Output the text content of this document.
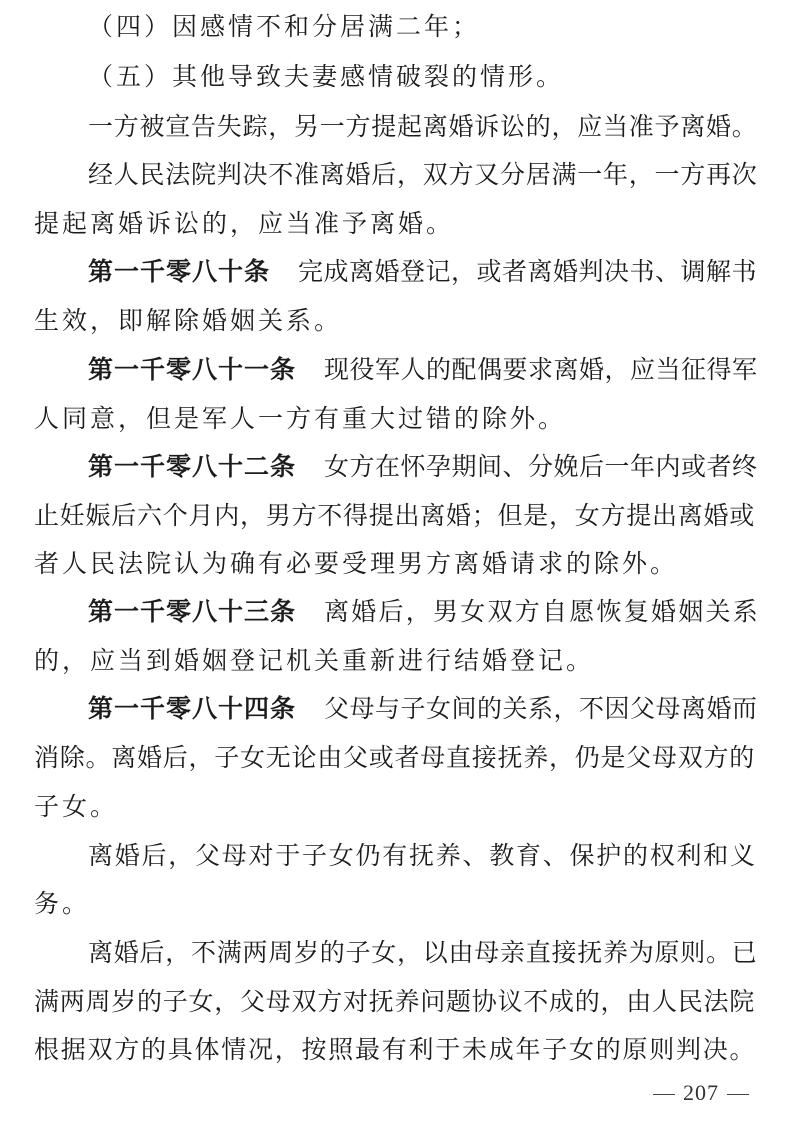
（四）因感情不和分居满二年；
（五）其他导致夫妻感情破裂的情形。
一方被宣告失踪，另一方提起离婚诉讼的，应当准予离婚。
经人民法院判决不准离婚后，双方又分居满一年，一方再次
提起离婚诉讼的，应当准予离婚。
第一千零八十条 完成离婚登记，或者离婚判决书、调解书
生效，即解除婚姻关系。
第一千零八十一条 现役军人的配偶要求离婚，应当征得军
人同意，但是军人一方有重大过错的除外。
第一千零八十二条 女方在怀孕期间、分娩后一年内或者终
止妊娠后六个月内，男方不得提出离婚；但是，女方提出离婚或
者人民法院认为确有必要受理男方离婚请求的除外。
第一千零八十三条 离婚后，男女双方自愿恢复婚姻关系
的，应当到婚姻登记机关重新进行结婚登记。
第一千零八十四条 父母与子女间的关系，不因父母离婚而
消除。离婚后，子女无论由父或者母直接抚养，仍是父母双方的
子女。
离婚后，父母对于子女仍有抚养、教育、保护的权利和义
务。
离婚后，不满两周岁的子女，以由母亲直接抚养为原则。已
满两周岁的子女，父母双方对抚养问题协议不成的，由人民法院
根据双方的具体情况，按照最有利于未成年子女的原则判决。
207
